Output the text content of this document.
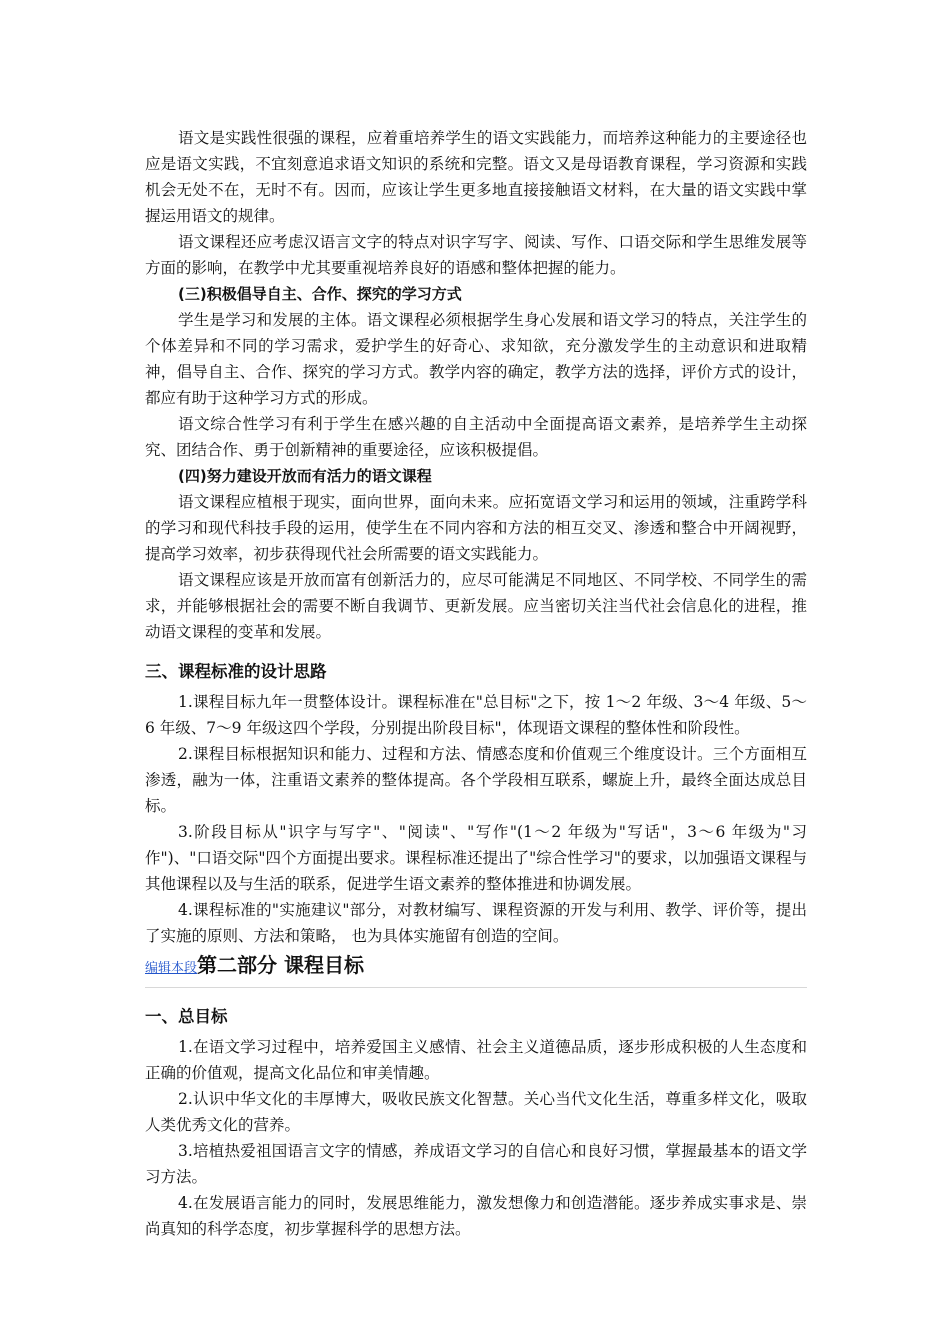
语文是实践性很强的课程，应着重培养学生的语文实践能力，而培养这种能力的主要途径也应是语文实践，不宜刻意追求语文知识的系统和完整。语文又是母语教育课程，学习资源和实践机会无处不在，无时不有。因而，应该让学生更多地直接接触语文材料，在大量的语文实践中掌握运用语文的规律。

语文课程还应考虑汉语言文字的特点对识字写字、阅读、写作、口语交际和学生思维发展等方面的影响，在教学中尤其要重视培养良好的语感和整体把握的能力。

(三)积极倡导自主、合作、探究的学习方式

学生是学习和发展的主体。语文课程必须根据学生身心发展和语文学习的特点，关注学生的个体差异和不同的学习需求，爱护学生的好奇心、求知欲，充分激发学生的主动意识和进取精神，倡导自主、合作、探究的学习方式。教学内容的确定，教学方法的选择，评价方式的设计，都应有助于这种学习方式的形成。

语文综合性学习有利于学生在感兴趣的自主活动中全面提高语文素养，是培养学生主动探究、团结合作、勇于创新精神的重要途径，应该积极提倡。

(四)努力建设开放而有活力的语文课程

语文课程应植根于现实，面向世界，面向未来。应拓宽语文学习和运用的领域，注重跨学科的学习和现代科技手段的运用，使学生在不同内容和方法的相互交叉、渗透和整合中开阔视野，提高学习效率，初步获得现代社会所需要的语文实践能力。

语文课程应该是开放而富有创新活力的，应尽可能满足不同地区、不同学校、不同学生的需求，并能够根据社会的需要不断自我调节、更新发展。应当密切关注当代社会信息化的进程，推动语文课程的变革和发展。

三、课程标准的设计思路

1.课程目标九年一贯整体设计。课程标准在"总目标"之下，按 1～2 年级、3～4 年级、5～6 年级、7～9 年级这四个学段，分别提出阶段目标"，体现语文课程的整体性和阶段性。

2.课程目标根据知识和能力、过程和方法、情感态度和价值观三个维度设计。三个方面相互渗透，融为一体，注重语文素养的整体提高。各个学段相互联系，螺旋上升，最终全面达成总目标。

3.阶段目标从"识字与写字"、"阅读"、"写作"(1～2 年级为"写话"，3～6 年级为"习作")、"口语交际"四个方面提出要求。课程标准还提出了"综合性学习"的要求，以加强语文课程与其他课程以及与生活的联系，促进学生语文素养的整体推进和协调发展。

4.课程标准的"实施建议"部分，对教材编写、课程资源的开发与利用、教学、评价等，提出了实施的原则、方法和策略， 也为具体实施留有创造的空间。

编辑本段 第二部分 课程目标

一、总目标

1.在语文学习过程中，培养爱国主义感情、社会主义道德品质，逐步形成积极的人生态度和正确的价值观，提高文化品位和审美情趣。

2.认识中华文化的丰厚博大，吸收民族文化智慧。关心当代文化生活，尊重多样文化，吸取人类优秀文化的营养。

3.培植热爱祖国语言文字的情感，养成语文学习的自信心和良好习惯，掌握最基本的语文学习方法。

4.在发展语言能力的同时，发展思维能力，激发想像力和创造潜能。逐步养成实事求是、崇尚真知的科学态度，初步掌握科学的思想方法。
